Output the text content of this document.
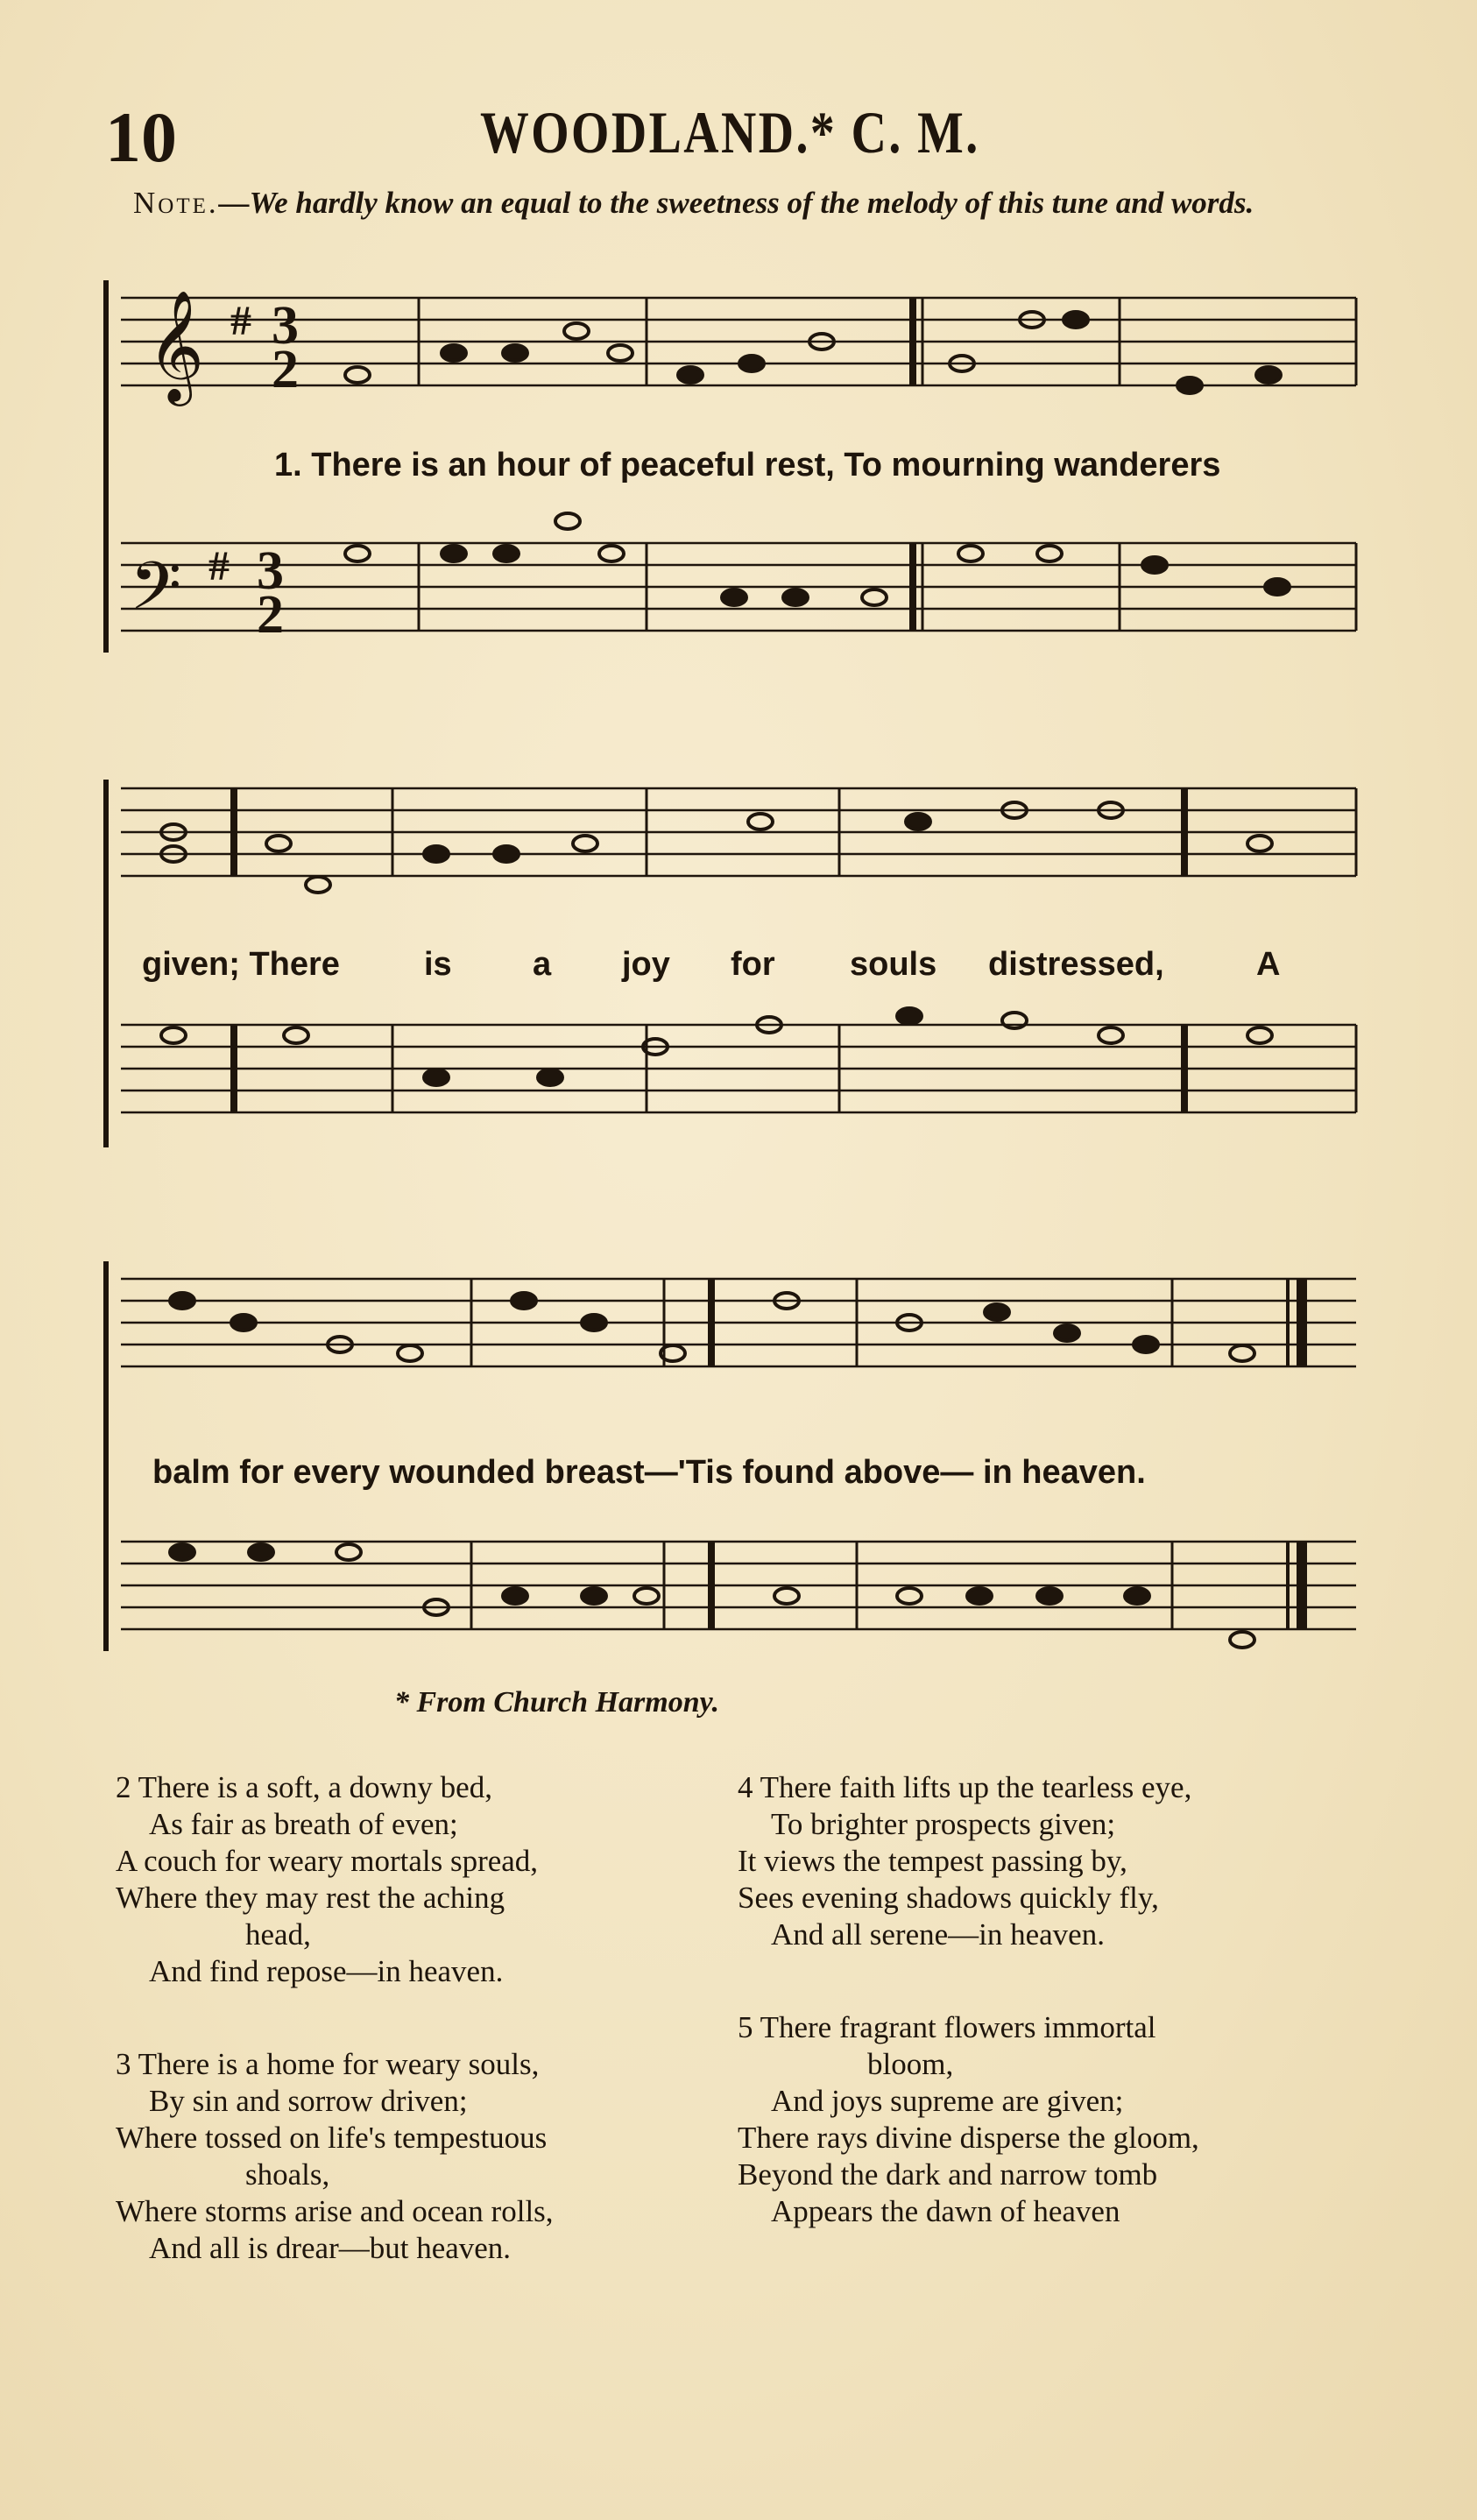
10	WOODLAND.* C. M.
Note.—We hardly know an equal to the sweetness of the melody of this tune and words.
𝄞 # 3
2
𝄢 # 3
2
1. There is an hour of peaceful rest, To mourning wanderers
given; There	is a joy for souls distressed,	A
balm for every wounded breast—'Tis found above— in heaven.
* From Church Harmony.
2 There is a soft, a downy bed,
As fair as breath of even;
A couch for weary mortals spread,
Where they may rest the aching
head,
And find repose—in heaven.
3 There is a home for weary souls,
By sin and sorrow driven;
Where tossed on life's tempestuous
shoals,
Where storms arise and ocean rolls,
And all is drear—but heaven.
4 There faith lifts up the tearless eye,
To brighter prospects given;
It views the tempest passing by,
Sees evening shadows quickly fly,
And all serene—in heaven.
5 There fragrant flowers immortal
bloom,
And joys supreme are given;
There rays divine disperse the gloom,
Beyond the dark and narrow tomb
Appears the dawn of heaven
